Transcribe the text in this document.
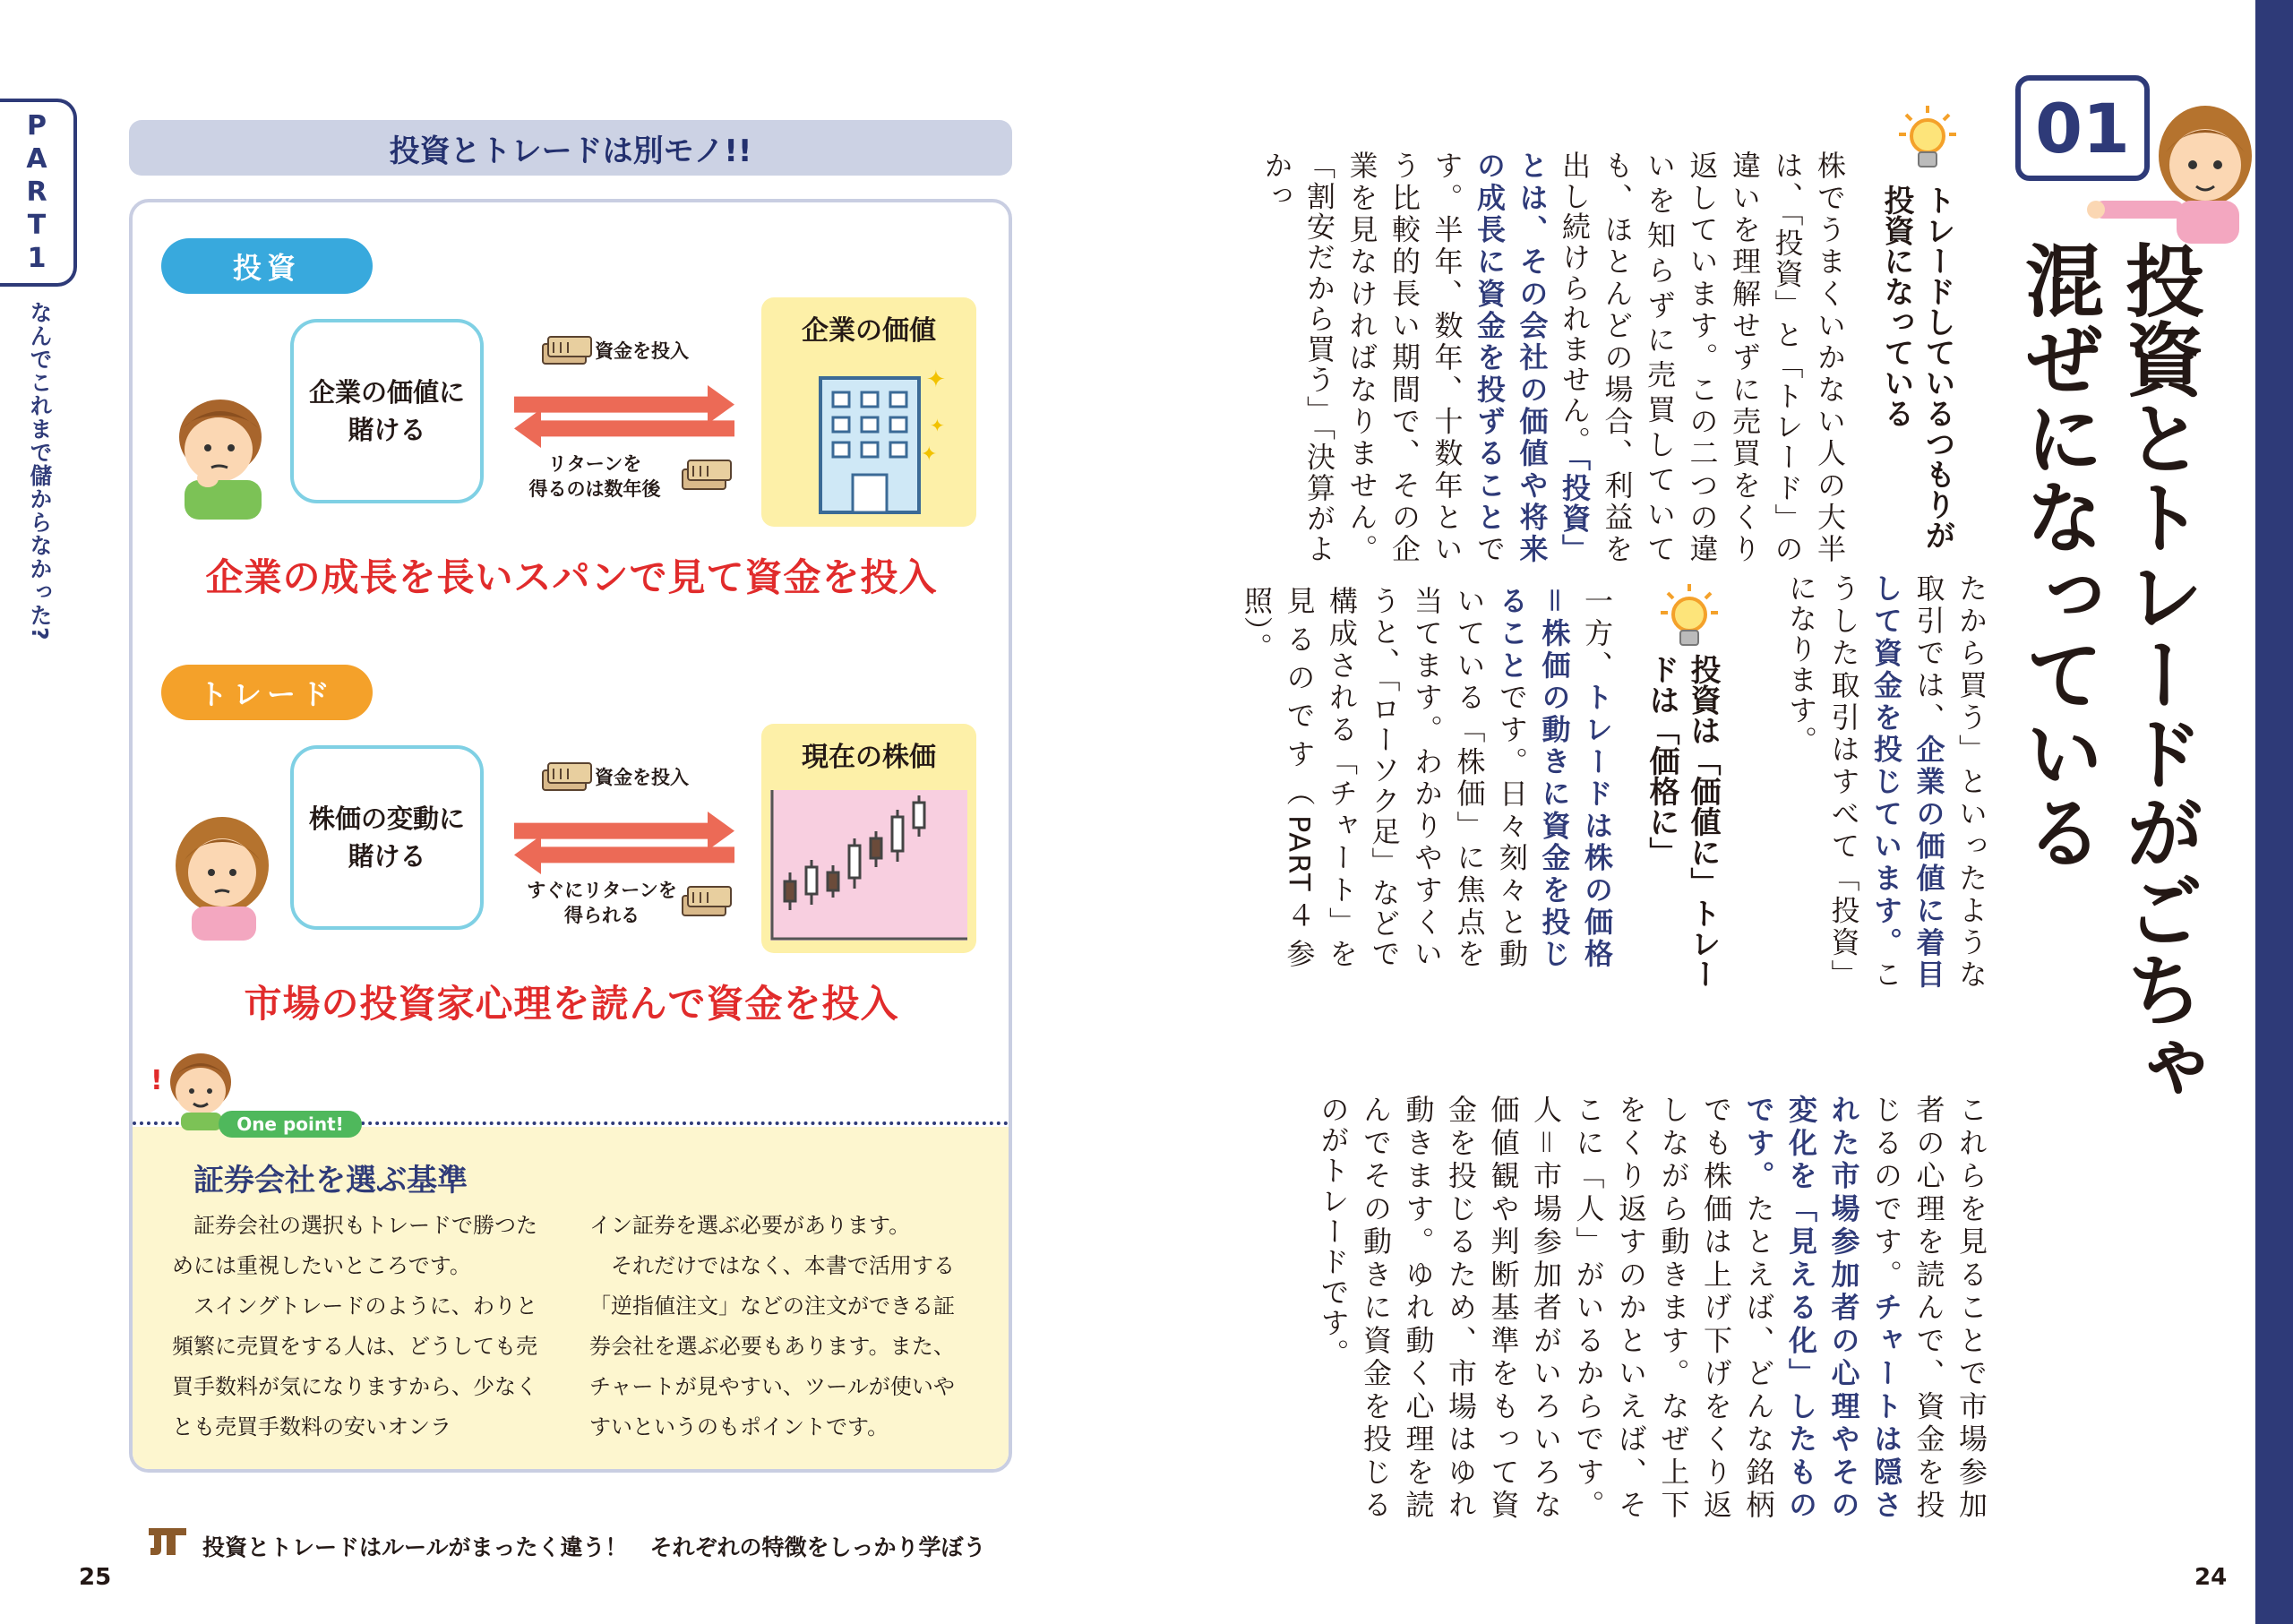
PART1
なんでこれまで儲からなかった?
投資とトレードは別モノ!!
投資
企業の価値に
賭ける
資金を投入
リターンを
得るのは数年後
企業の価値
✦
✦
✦
企業の成長を長いスパンで見て資金を投入
トレード
株価の変動に
賭ける
資金を投入
すぐにリターンを
得られる
現在の株価
市場の投資家心理を読んで資金を投入
!
One point!
証券会社を選ぶ基準

証券会社の選択もトレードで勝つためには重視したいところです。

スイングトレードのように、わりと頻繁に売買をする人は、どうしても売買手数料が気になりますから、少なくとも売買手数料の安いオンラ

イン証券を選ぶ必要があります。

それだけではなく、本書で活用する「逆指値注文」などの注文ができる証券会社を選ぶ必要もあります。また、チャートが見やすい、ツールが使いやすいというのもポイントです。

投資とトレードはルールがまったく違う！　それぞれの特徴をしっかり学ぼう
25
01
投資とトレードがごちゃ混ぜになっている
トレードしているつもりが投資になっている
投資は「価値に」トレードは「価格に」
株でうまくいかない人の大半は、「投資」と「トレード」の違いを理解せずに売買をくり返しています。この二つの違いを知らずに売買していても、ほとんどの場合、利益を出し続けられません。「投資」とは、その会社の価値や将来の成長に資金を投ずることです。半年、数年、十数年という比較的長い期間で、その企業を見なければなりません。「割安だから買う」「決算がよかっ
たから買う」といったような取引では、企業の価値に着目して資金を投じています。こうした取引はすべて「投資」になります。
一方、トレードは株の価格＝株価の動きに資金を投じることです。日々刻々と動いている「株価」に焦点を当てます。わかりやすくいうと、「ローソク足」などで構成される「チャート」を見るのです（PART４参照）。
これらを見ることで市場参加者の心理を読んで、資金を投じるのです。チャートは隠された市場参加者の心理やその変化を「見える化」したものです。たとえば、どんな銘柄でも株価は上げ下げをくり返しながら動きます。なぜ上下をくり返すのかといえば、そこに「人」がいるからです。人＝市場参加者がいろいろな価値観や判断基準をもって資金を投じるため、市場はゆれ動きます。ゆれ動く心理を読んでその動きに資金を投じるのがトレードです。
24
